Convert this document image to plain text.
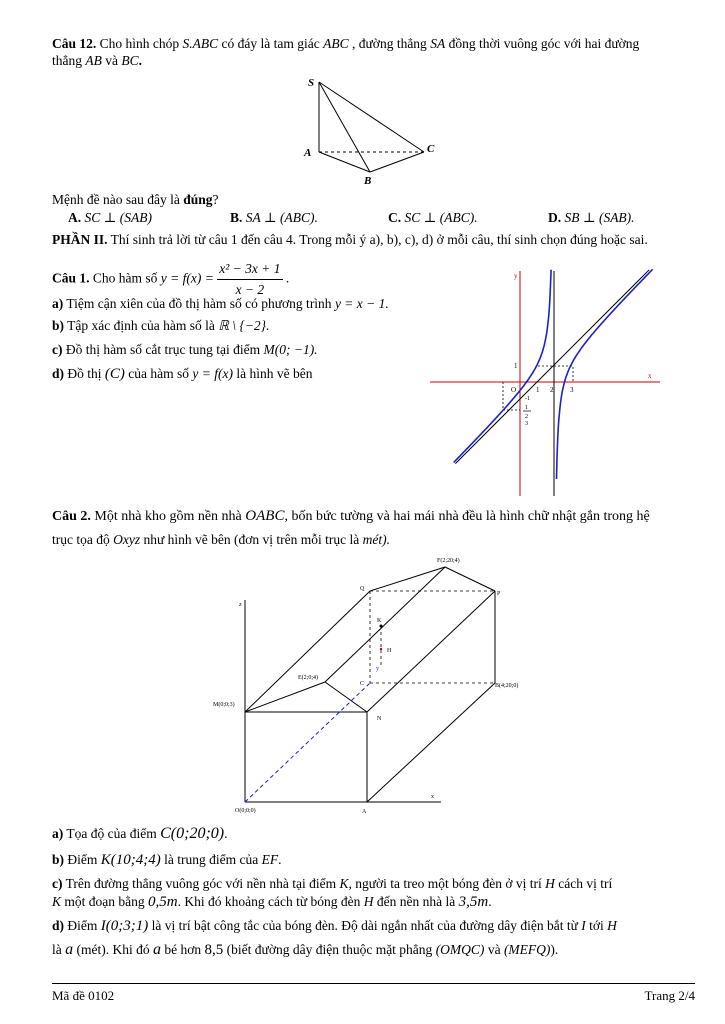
Câu 12. Cho hình chóp S.ABC có đáy là tam giác ABC , đường thẳng SA đồng thời vuông góc với hai đường
thẳng AB và BC.
S
A
B
C
Mệnh đề nào sau đây là đúng?
A. SC ⊥ (SAB)	B. SA ⊥ (ABC).	C. SC ⊥ (ABC).	D. SB ⊥ (SAB).
PHẦN II. Thí sinh trả lời từ câu 1 đến câu 4. Trong mỗi ý a), b), c), d) ở mỗi câu, thí sinh chọn đúng hoặc sai.
Câu 1. Cho hàm số $y = f(x) = \frac{\text{x² − 3x + 1}}{x - 2}$ .
a) Tiệm cận xiên của đồ thị hàm số có phương trình y = x − 1.
b) Tập xác định của hàm số là ℝ \ {−2}.
c) Đồ thị hàm số cắt trục tung tại điểm M(0; −1).
d) Đồ thị (C) của hàm số y = f(x) là hình vẽ bên	x
y
O	1 2 3
1
-1
1
2
3
Câu 2. Một nhà kho gồm nền nhà OABC, bốn bức tường và hai mái nhà đều là hình chữ nhật gắn trong hệ
trục tọa độ Oxyz như hình vẽ bên (đơn vị trên mỗi trục là mét).
F(2;20;4)
Q
P
K
H
E(2;0;4)
C
y
B(4;20;0)
M(0;0;3)
N
z
x
O(0;0;0)	A
a) Tọa độ của điểm C(0;20;0).
b) Điểm K(10;4;4) là trung điểm của EF.
c) Trên đường thẳng vuông góc với nền nhà tại điểm K, người ta treo một bóng đèn ở vị trí H cách vị trí
K một đoạn bằng 0,5m. Khi đó khoảng cách từ bóng đèn H đến nền nhà là 3,5m.
d) Điểm I(0;3;1) là vị trí bật công tắc của bóng đèn. Độ dài ngắn nhất của đường dây điện bắt từ I tới H
là a (mét). Khi đó a bé hơn 8,5 (biết đường dây điện thuộc mặt phẳng (OMQC) và (MEFQ)).
Mã đề 0102	Trang 2/4
